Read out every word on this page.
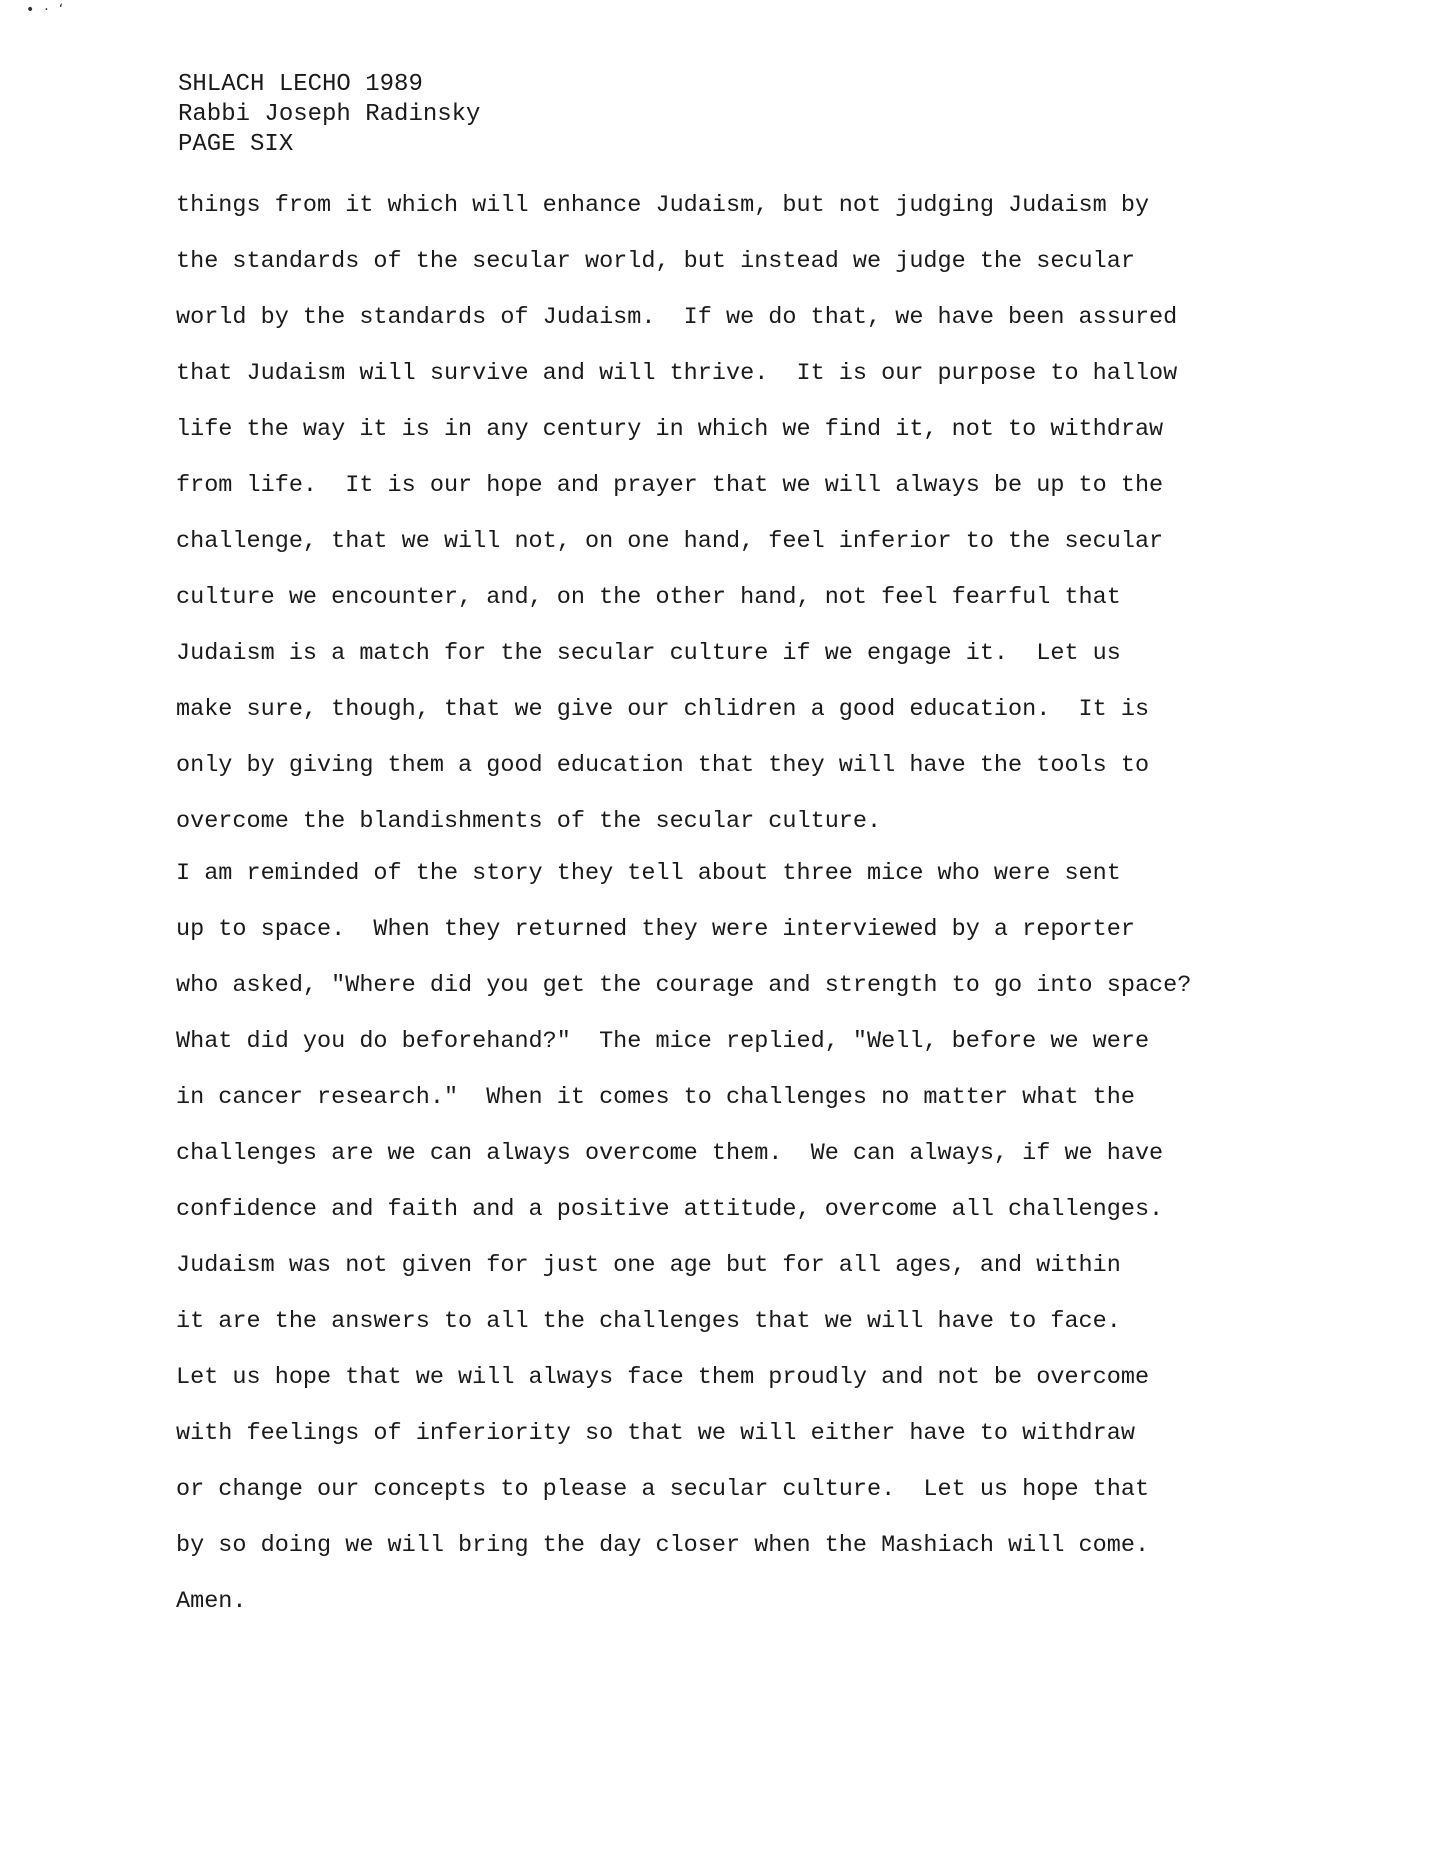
•·‘
SHLACH LECHO 1989
Rabbi Joseph Radinsky
PAGE SIX
things from it which will enhance Judaism, but not judging Judaism by
the standards of the secular world, but instead we judge the secular
world by the standards of Judaism.  If we do that, we have been assured
that Judaism will survive and will thrive.  It is our purpose to hallow
life the way it is in any century in which we find it, not to withdraw
from life.  It is our hope and prayer that we will always be up to the
challenge, that we will not, on one hand, feel inferior to the secular
culture we encounter, and, on the other hand, not feel fearful that
Judaism is a match for the secular culture if we engage it.  Let us
make sure, though, that we give our chlidren a good education.  It is
only by giving them a good education that they will have the tools to
overcome the blandishments of the secular culture.
I am reminded of the story they tell about three mice who were sent
up to space.  When they returned they were interviewed by a reporter
who asked, "Where did you get the courage and strength to go into space?
What did you do beforehand?"  The mice replied, "Well, before we were
in cancer research."  When it comes to challenges no matter what the
challenges are we can always overcome them.  We can always, if we have
confidence and faith and a positive attitude, overcome all challenges.
Judaism was not given for just one age but for all ages, and within
it are the answers to all the challenges that we will have to face.
Let us hope that we will always face them proudly and not be overcome
with feelings of inferiority so that we will either have to withdraw
or change our concepts to please a secular culture.  Let us hope that
by so doing we will bring the day closer when the Mashiach will come.
Amen.
